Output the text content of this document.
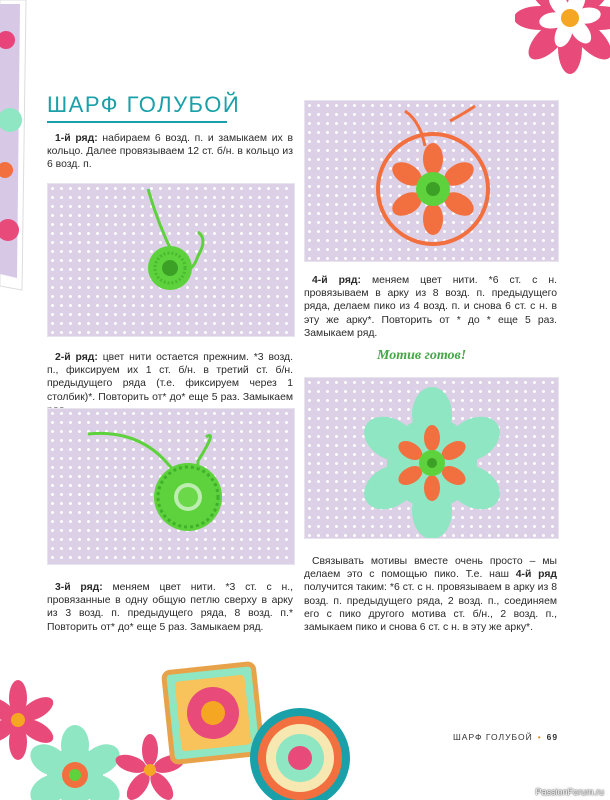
ШАРФ ГОЛУБОЙ
1-й ряд: набираем 6 возд. п. и замыкаем их в кольцо. Далее провязываем 12 ст. б/н. в кольцо из 6 возд. п.
2-й ряд: цвет нити остается прежним. *3 возд. п., фиксируем их 1 ст. б/н. в третий ст. б/н. предыдущего ряда (т.е. фиксируем через 1 столбик)*. Повторить от* до* еще 5 раз. Замыкаем
3-й ряд: меняем цвет нити. *3 ст. с н., провязанные в одну общую петлю сверху в арку из 3 возд. п. предыдущего ряда, 8 возд. п.* Повторить от* до* еще 5 раз. Замыкаем ряд.
4-й ряд: меняем цвет нити. *6 ст. с н. провязываем в арку из 8 возд. п. предыдущего ряда, делаем пико из 4 возд. п. и снова 6 ст. с н. в эту же арку*. Повторить от * до * еще 5 раз. Замыкаем ряд.
Мотив готов!
Связывать мотивы вместе очень просто – мы делаем это с помощью пико. Т.е. наш 4-й ряд получится таким: *6 ст. с н. провязываем в арку из 8 возд. п. предыдущего ряда, 2 возд. п., соединяем его с пико другого мотива ст. б/н., 2 возд. п., замыкаем пико и снова 6 ст. с н. в эту же арку*.
ШАРФ ГОЛУБОЙ • 69
PassionForum.ru
